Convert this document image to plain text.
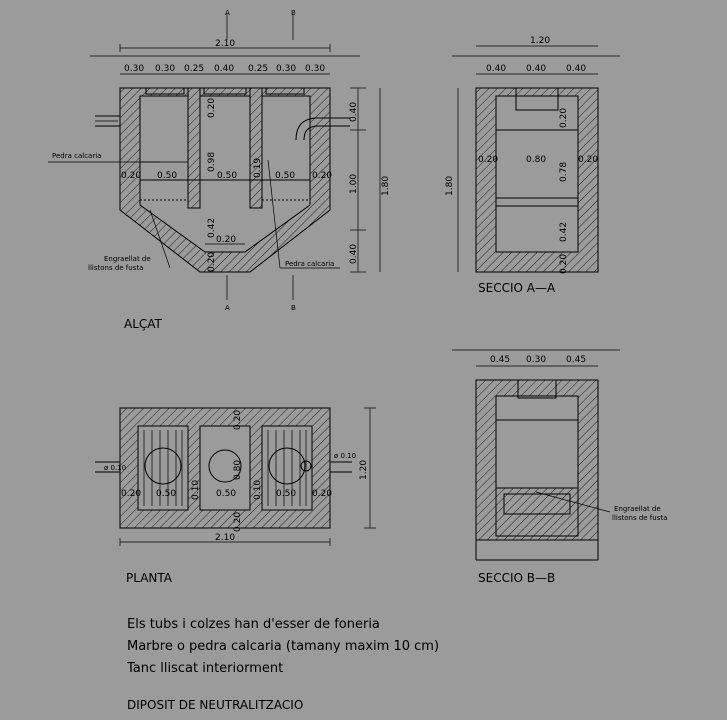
A	B
A	B
2.10
0.30 0.30 0.25 0.40 0.25 0.30 0.30
0.20 0.50	0.50	0.50 0.20
0.20
0.98
0.42
0.20
0.19
0.20
0.40
1.00
0.40
1.80
Pedra calcaria
Pedra calcaria
Engraellat de
llistons de fusta
ALÇAT
1.20
0.40 0.40 0.40
0.20	0.80	0.20
0.20
0.78
0.42
0.20
1.80
SECCIO A—A
ø 0.10
ø 0.10
0.20 0.50 0.10 0.50 0.10 0.50 0.20
0.20
0.80
0.20
1.20
2.10
PLANTA
0.45 0.30 0.45
Engraellat de
llistons de fusta
SECCIO B—B
Els tubs i colzes han d'esser de foneria
Marbre o pedra calcaria (tamany maxim 10 cm)
Tanc lliscat interiorment
DIPOSIT DE NEUTRALITZACIO
